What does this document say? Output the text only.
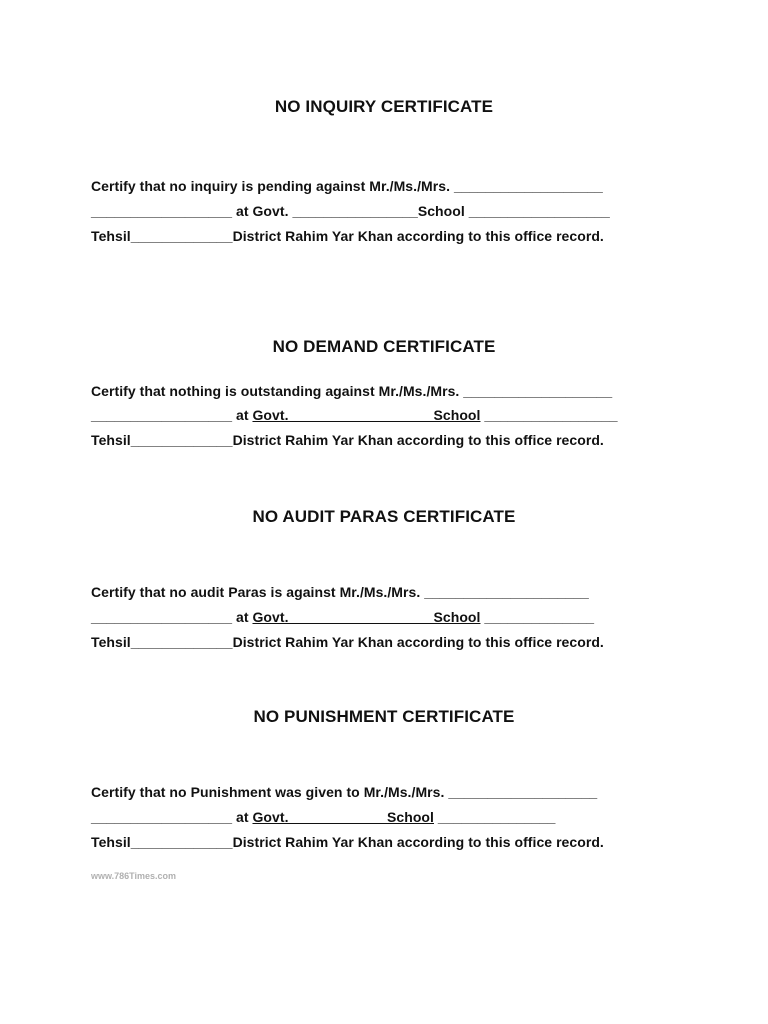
NO INQUIRY CERTIFICATE
Certify that no inquiry is pending against Mr./Ms./Mrs. ___________________
__________________ at Govt. ________________School __________________
Tehsil_____________District Rahim Yar Khan according to this office record.
NO DEMAND CERTIFICATE
Certify that nothing is outstanding against Mr./Ms./Mrs. ___________________
__________________ at Govt. __________________School _________________
Tehsil_____________District Rahim Yar Khan according to this office record.
NO AUDIT PARAS CERTIFICATE
Certify that no audit Paras is against Mr./Ms./Mrs. _____________________
__________________ at Govt. __________________School ______________
Tehsil_____________District Rahim Yar Khan according to this office record.
NO PUNISHMENT CERTIFICATE
Certify that no Punishment was given to Mr./Ms./Mrs. ___________________
__________________ at Govt.                         School _______________
Tehsil_____________District Rahim Yar Khan according to this office record.
www.786Times.com
